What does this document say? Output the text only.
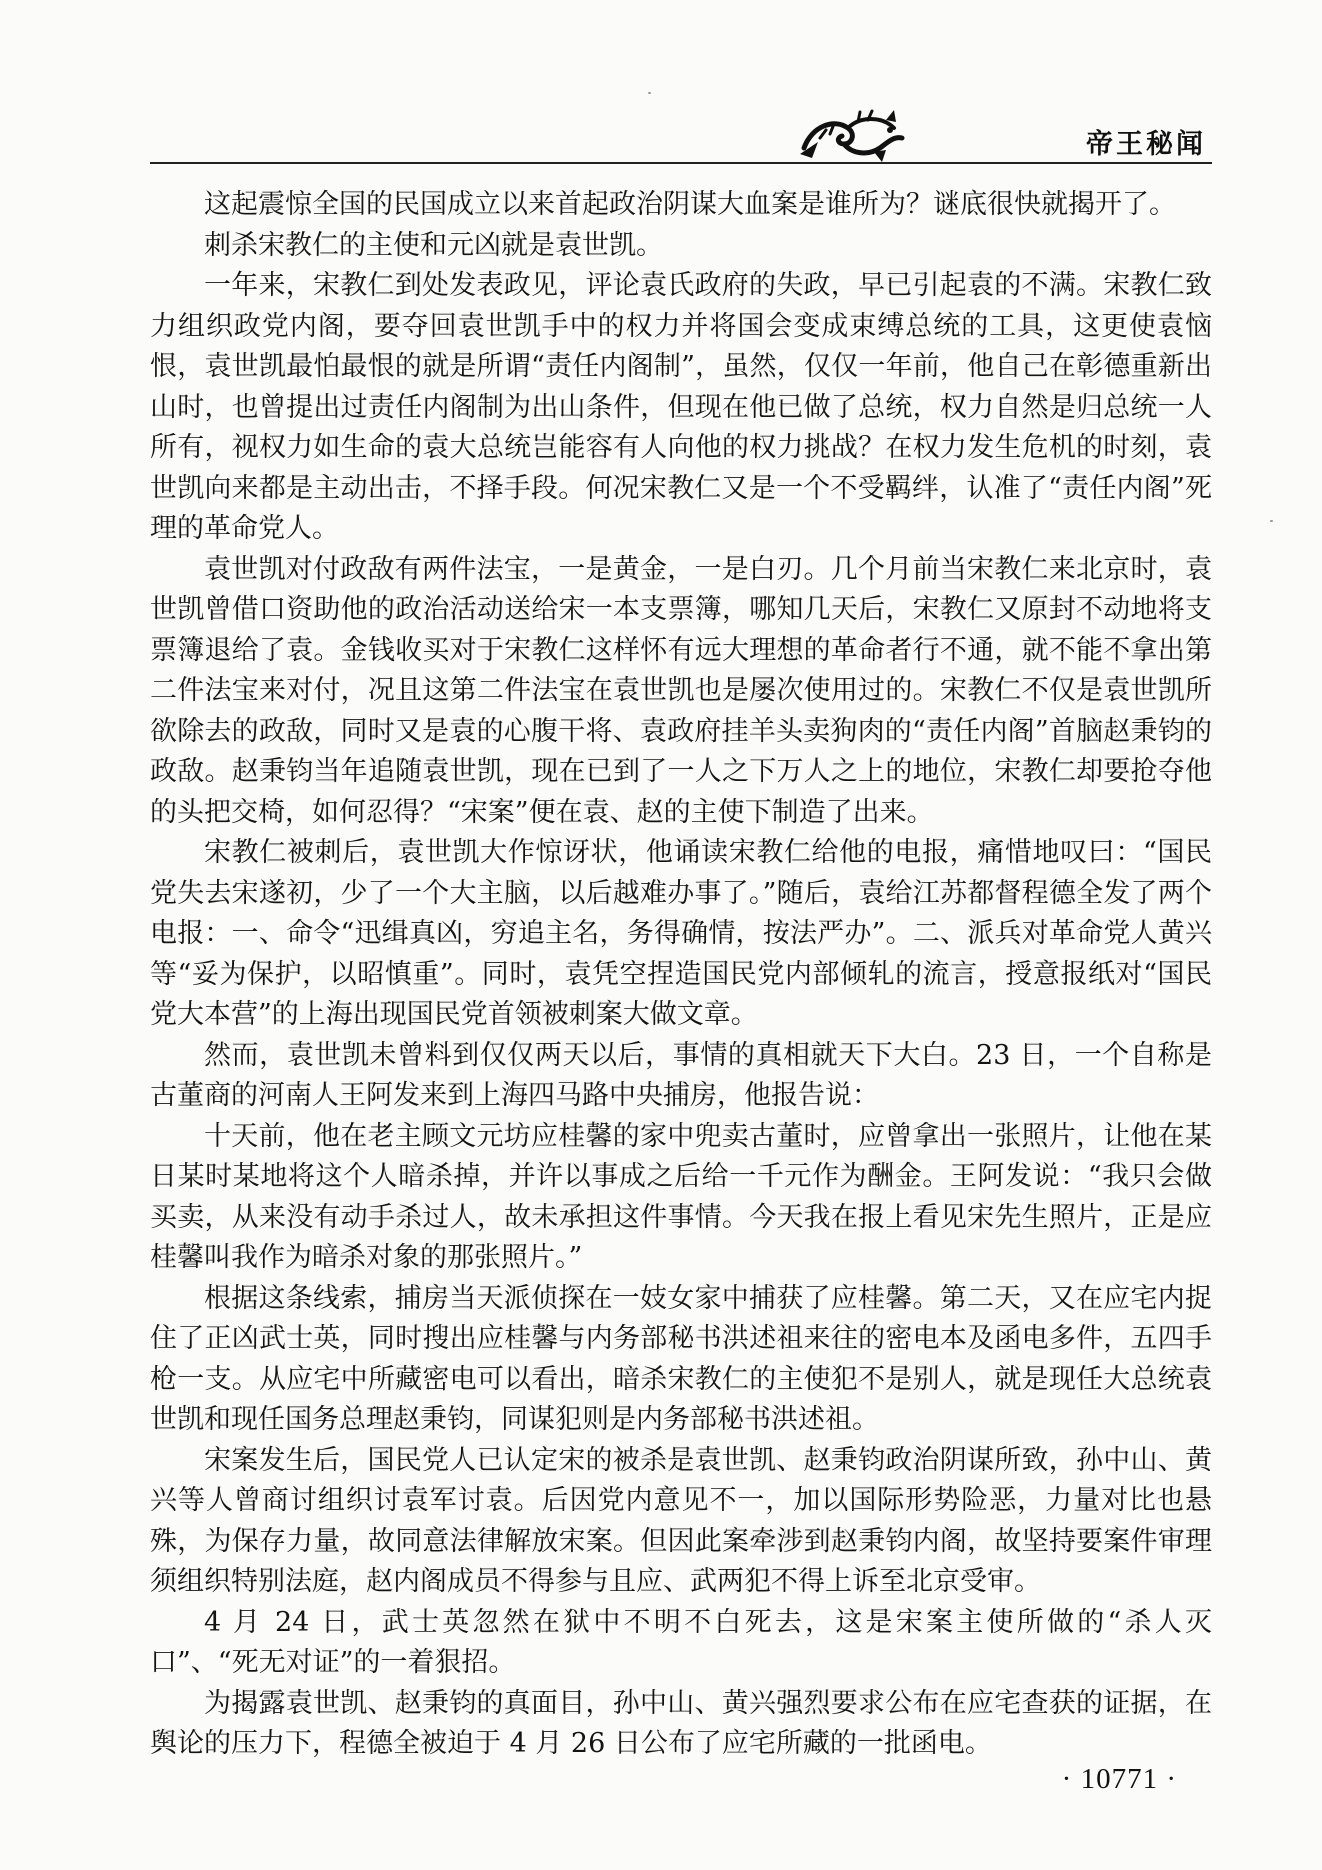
帝王秘闻

这起震惊全国的民国成立以来首起政治阴谋大血案是谁所为？谜底很快就揭开了。

刺杀宋教仁的主使和元凶就是袁世凯。

一年来，宋教仁到处发表政见，评论袁氏政府的失政，早已引起袁的不满。宋教仁致力组织政党内阁，要夺回袁世凯手中的权力并将国会变成束缚总统的工具，这更使袁恼恨，袁世凯最怕最恨的就是所谓“责任内阁制”，虽然，仅仅一年前，他自己在彰德重新出山时，也曾提出过责任内阁制为出山条件，但现在他已做了总统，权力自然是归总统一人所有，视权力如生命的袁大总统岂能容有人向他的权力挑战？在权力发生危机的时刻，袁世凯向来都是主动出击，不择手段。何况宋教仁又是一个不受羁绊，认准了“责任内阁”死理的革命党人。

袁世凯对付政敌有两件法宝，一是黄金，一是白刃。几个月前当宋教仁来北京时，袁世凯曾借口资助他的政治活动送给宋一本支票簿，哪知几天后，宋教仁又原封不动地将支票簿退给了袁。金钱收买对于宋教仁这样怀有远大理想的革命者行不通，就不能不拿出第二件法宝来对付，况且这第二件法宝在袁世凯也是屡次使用过的。宋教仁不仅是袁世凯所欲除去的政敌，同时又是袁的心腹干将、袁政府挂羊头卖狗肉的“责任内阁”首脑赵秉钧的政敌。赵秉钧当年追随袁世凯，现在已到了一人之下万人之上的地位，宋教仁却要抢夺他的头把交椅，如何忍得？“宋案”便在袁、赵的主使下制造了出来。

宋教仁被刺后，袁世凯大作惊讶状，他诵读宋教仁给他的电报，痛惜地叹曰：“国民党失去宋遂初，少了一个大主脑，以后越难办事了。”随后，袁给江苏都督程德全发了两个电报：一、命令“迅缉真凶，穷追主名，务得确情，按法严办”。二、派兵对革命党人黄兴等“妥为保护，以昭慎重”。同时，袁凭空捏造国民党内部倾轧的流言，授意报纸对“国民党大本营”的上海出现国民党首领被刺案大做文章。

然而，袁世凯未曾料到仅仅两天以后，事情的真相就天下大白。23 日，一个自称是古董商的河南人王阿发来到上海四马路中央捕房，他报告说：

十天前，他在老主顾文元坊应桂馨的家中兜卖古董时，应曾拿出一张照片，让他在某日某时某地将这个人暗杀掉，并许以事成之后给一千元作为酬金。王阿发说：“我只会做买卖，从来没有动手杀过人，故未承担这件事情。今天我在报上看见宋先生照片，正是应桂馨叫我作为暗杀对象的那张照片。”

根据这条线索，捕房当天派侦探在一妓女家中捕获了应桂馨。第二天，又在应宅内捉住了正凶武士英，同时搜出应桂馨与内务部秘书洪述祖来往的密电本及函电多件，五四手枪一支。从应宅中所藏密电可以看出，暗杀宋教仁的主使犯不是别人，就是现任大总统袁世凯和现任国务总理赵秉钧，同谋犯则是内务部秘书洪述祖。

宋案发生后，国民党人已认定宋的被杀是袁世凯、赵秉钧政治阴谋所致，孙中山、黄兴等人曾商讨组织讨袁军讨袁。后因党内意见不一，加以国际形势险恶，力量对比也悬殊，为保存力量，故同意法律解放宋案。但因此案牵涉到赵秉钧内阁，故坚持要案件审理须组织特别法庭，赵内阁成员不得参与且应、武两犯不得上诉至北京受审。

4 月 24 日，武士英忽然在狱中不明不白死去，这是宋案主使所做的“杀人灭口”、“死无对证”的一着狠招。

为揭露袁世凯、赵秉钧的真面目，孙中山、黄兴强烈要求公布在应宅查获的证据，在舆论的压力下，程德全被迫于 4 月 26 日公布了应宅所藏的一批函电。

· 10771 ·
